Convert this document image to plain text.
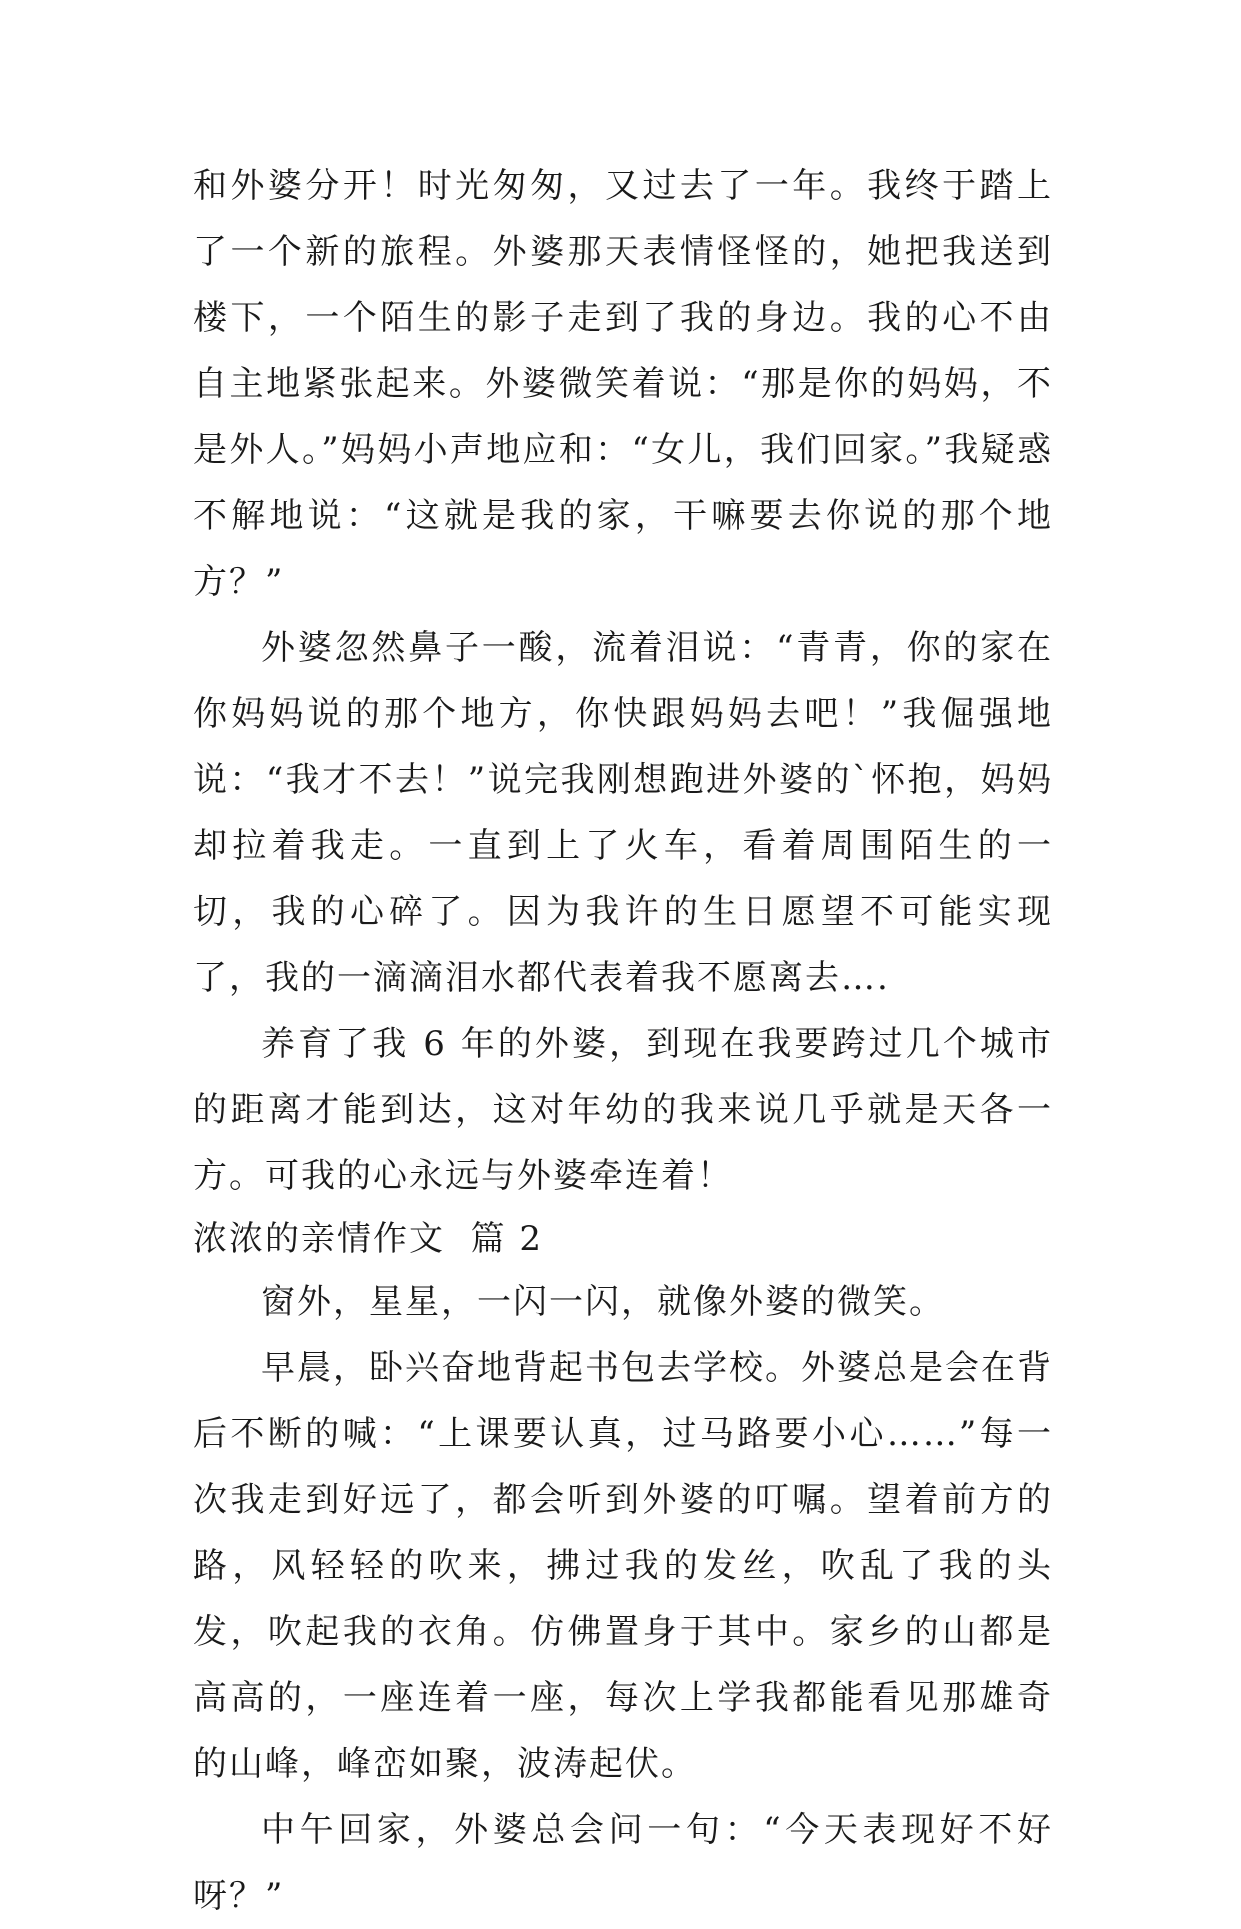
和外婆分开！时光匆匆，又过去了一年。我终于踏上了一个新的旅程。外婆那天表情怪怪的，她把我送到楼下，一个陌生的影子走到了我的身边。我的心不由自主地紧张起来。外婆微笑着说：“那是你的妈妈，不是外人。”妈妈小声地应和：“女儿，我们回家。”我疑惑不解地说：“这就是我的家，干嘛要去你说的那个地方？”

外婆忽然鼻子一酸，流着泪说：“青青，你的家在你妈妈说的那个地方，你快跟妈妈去吧！”我倔强地说：“我才不去！”说完我刚想跑进外婆的`怀抱，妈妈却拉着我走。一直到上了火车，看着周围陌生的一切，我的心碎了。因为我许的生日愿望不可能实现了，我的一滴滴泪水都代表着我不愿离去….

养育了我 6 年的外婆，到现在我要跨过几个城市的距离才能到达，这对年幼的我来说几乎就是天各一方。可我的心永远与外婆牵连着！

浓浓的亲情作文  篇 2

窗外，星星，一闪一闪，就像外婆的微笑。

早晨，卧兴奋地背起书包去学校。外婆总是会在背后不断的喊：“上课要认真，过马路要小心……”每一次我走到好远了，都会听到外婆的叮嘱。望着前方的路，风轻轻的吹来，拂过我的发丝，吹乱了我的头发，吹起我的衣角。仿佛置身于其中。家乡的山都是高高的，一座连着一座，每次上学我都能看见那雄奇的山峰，峰峦如聚，波涛起伏。

中午回家，外婆总会问一句：“今天表现好不好呀？”
